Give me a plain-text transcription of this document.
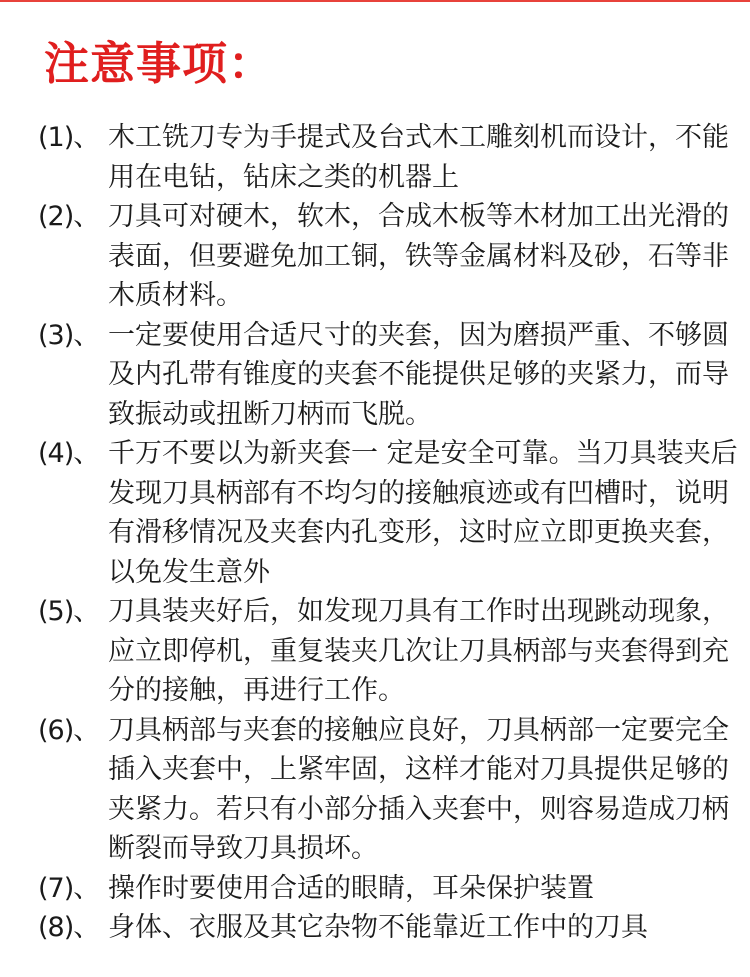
注意事项：
(1)、 木工铣刀专为手提式及台式木工雕刻机而设计，不能用在电钻，钻床之类的机器上
(2)、 刀具可对硬木，软木，合成木板等木材加工出光滑的表面，但要避免加工铜，铁等金属材料及砂，石等非木质材料。
(3)、 一定要使用合适尺寸的夹套，因为磨损严重、不够圆及内孔带有锥度的夹套不能提供足够的夹紧力，而导致振动或扭断刀柄而飞脱。
(4)、 千万不要以为新夹套一 定是安全可靠。当刀具装夹后发现刀具柄部有不均匀的接触痕迹或有凹槽时，说明有滑移情况及夹套内孔变形，这时应立即更换夹套，以免发生意外
(5)、 刀具装夹好后，如发现刀具有工作时出现跳动现象，应立即停机，重复装夹几次让刀具柄部与夹套得到充分的接触，再进行工作。
(6)、 刀具柄部与夹套的接触应良好，刀具柄部一定要完全插入夹套中，上紧牢固，这样才能对刀具提供足够的夹紧力。若只有小部分插入夹套中，则容易造成刀柄断裂而导致刀具损坏。
(7)、 操作时要使用合适的眼睛，耳朵保护装置
(8)、 身体、衣服及其它杂物不能靠近工作中的刀具
